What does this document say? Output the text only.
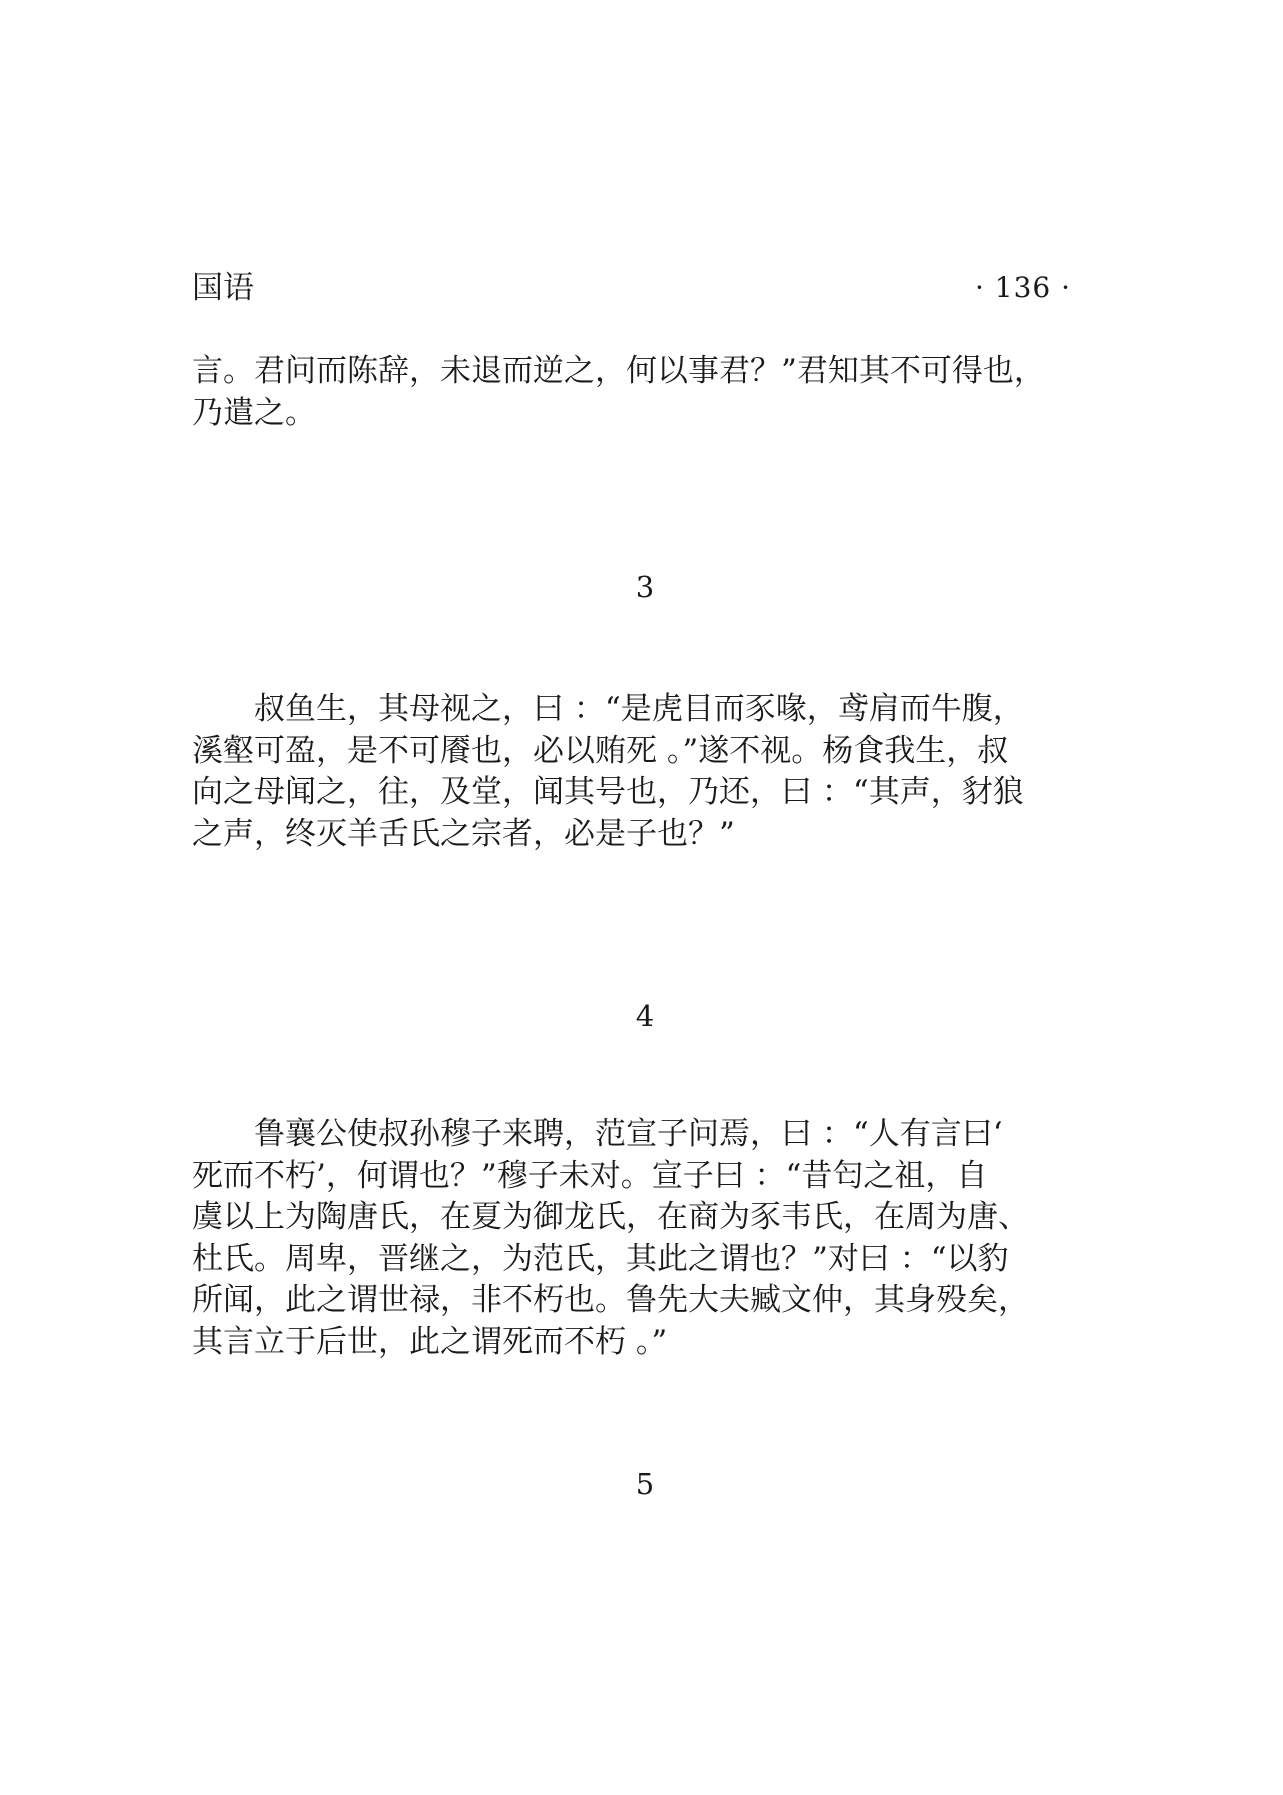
国语	· 136 ·

言。君问而陈辞，未退而逆之，何以事君？”君知其不可得也，
乃遣之。

3

　　叔鱼生，其母视之，曰 ：“是虎目而豕喙，鸢肩而牛腹，
溪壑可盈，是不可餍也，必以贿死 。”遂不视。杨食我生，叔
向之母闻之，往，及堂，闻其号也，乃还，曰 ：“其声，豺狼
之声，终灭羊舌氏之宗者，必是子也？”

4

　　鲁襄公使叔孙穆子来聘，范宣子问焉，曰 ：“人有言曰‘
死而不朽’，何谓也？”穆子未对。宣子曰 ：“昔匄之祖，自
虞以上为陶唐氏，在夏为御龙氏，在商为豕韦氏，在周为唐、
杜氏。周卑，晋继之，为范氏，其此之谓也？”对曰 ：“以豹
所闻，此之谓世禄，非不朽也。鲁先大夫臧文仲，其身殁矣，
其言立于后世，此之谓死而不朽 。”

5
